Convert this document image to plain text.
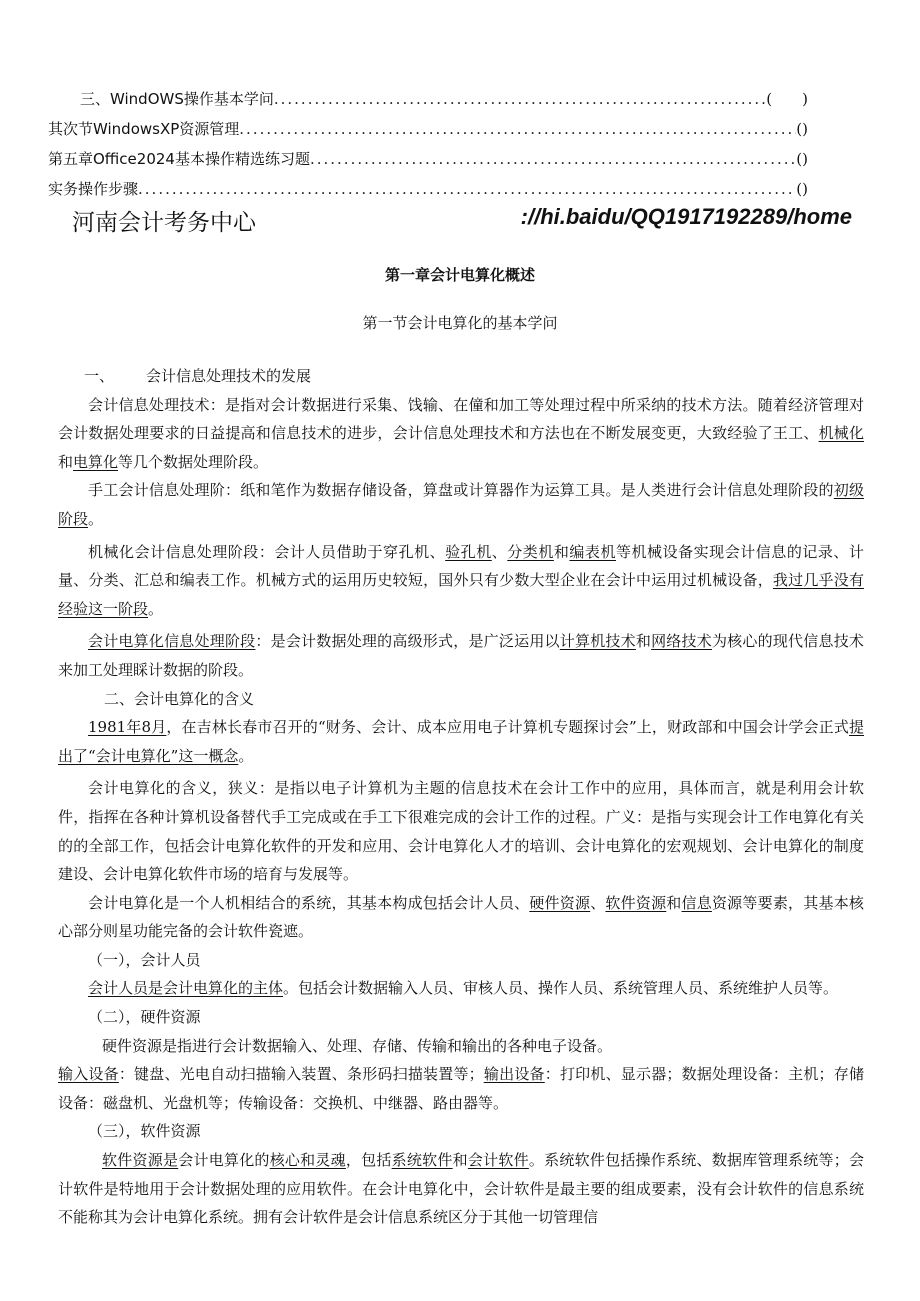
三、WindOWS操作基本学问 .....	(　　)
其次节WindowsXP资源管理 .....	()
第五章Office2024基本操作精选练习题 .....	()
实务操作步骤 .....	()
河南会计考务中心	://hi.baidu/QQ1917192289/home
第一章会计电算化概述
第一节会计电算化的基本学问

一、 会计信息处理技术的发展

会计信息处理技术：是指对会计数据进行采集、饯输、在僮和加工等处理过程中所采纳的技术方法。随着经济管理对会计数据处理要求的日益提高和信息技术的进步，会计信息处理技术和方法也在不断发展变更，大致经验了王工、机械化和电算化等几个数据处理阶段。

手工会计信息处理阶：纸和笔作为数据存储设备，算盘或计算器作为运算工具。是人类进行会计信息处理阶段的初级阶段。

机械化会计信息处理阶段：会计人员借助于穿孔机、验孔机、分类机和编表机等机械设备实现会计信息的记录、计量、分类、汇总和编表工作。机械方式的运用历史较短，国外只有少数大型企业在会计中运用过机械设备，我过几乎没有经验这一阶段。

会计电算化信息处理阶段：是会计数据处理的高级形式，是广泛运用以计算机技术和网络技术为核心的现代信息技术来加工处理睬计数据的阶段。

二、会计电算化的含义

1981年8月，在吉林长春市召开的“财务、会计、成本应用电子计算机专题探讨会”上，财政部和中国会计学会正式提出了“会计电算化”这一概念。

会计电算化的含义，狭义：是指以电子计算机为主题的信息技术在会计工作中的应用，具体而言，就是利用会计软件，指挥在各种计算机设备替代手工完成或在手工下很难完成的会计工作的过程。广义：是指与实现会计工作电算化有关的的全部工作，包括会计电算化软件的开发和应用、会计电算化人才的培训、会计电算化的宏观规划、会计电算化的制度建设、会计电算化软件市场的培育与发展等。

会计电算化是一个人机相结合的系统，其基本构成包括会计人员、硬件资源、软件资源和信息资源等要素，其基本核心部分则星功能完备的会计软件瓷遮。

（一），会计人员

会计人员是会计电算化的主体。包括会计数据输入人员、审核人员、操作人员、系统管理人员、系统维护人员等。

（二），硬件资源

硬件资源是指进行会计数据输入、处理、存储、传输和输出的各种电子设备。

输入设备：键盘、光电自动扫描输入装置、条形码扫描装置等；输出设备：打印机、显示器；数据处理设备：主机；存储设备：磁盘机、光盘机等；传输设备：交换机、中继器、路由器等。

（三），软件资源

软件资源是会计电算化的核心和灵魂，包括系统软件和会计软件。系统软件包括操作系统、数据库管理系统等；会计软件是特地用于会计数据处理的应用软件。在会计电算化中，会计软件是最主要的组成要素，没有会计软件的信息系统不能称其为会计电算化系统。拥有会计软件是会计信息系统区分于其他一切管理信
